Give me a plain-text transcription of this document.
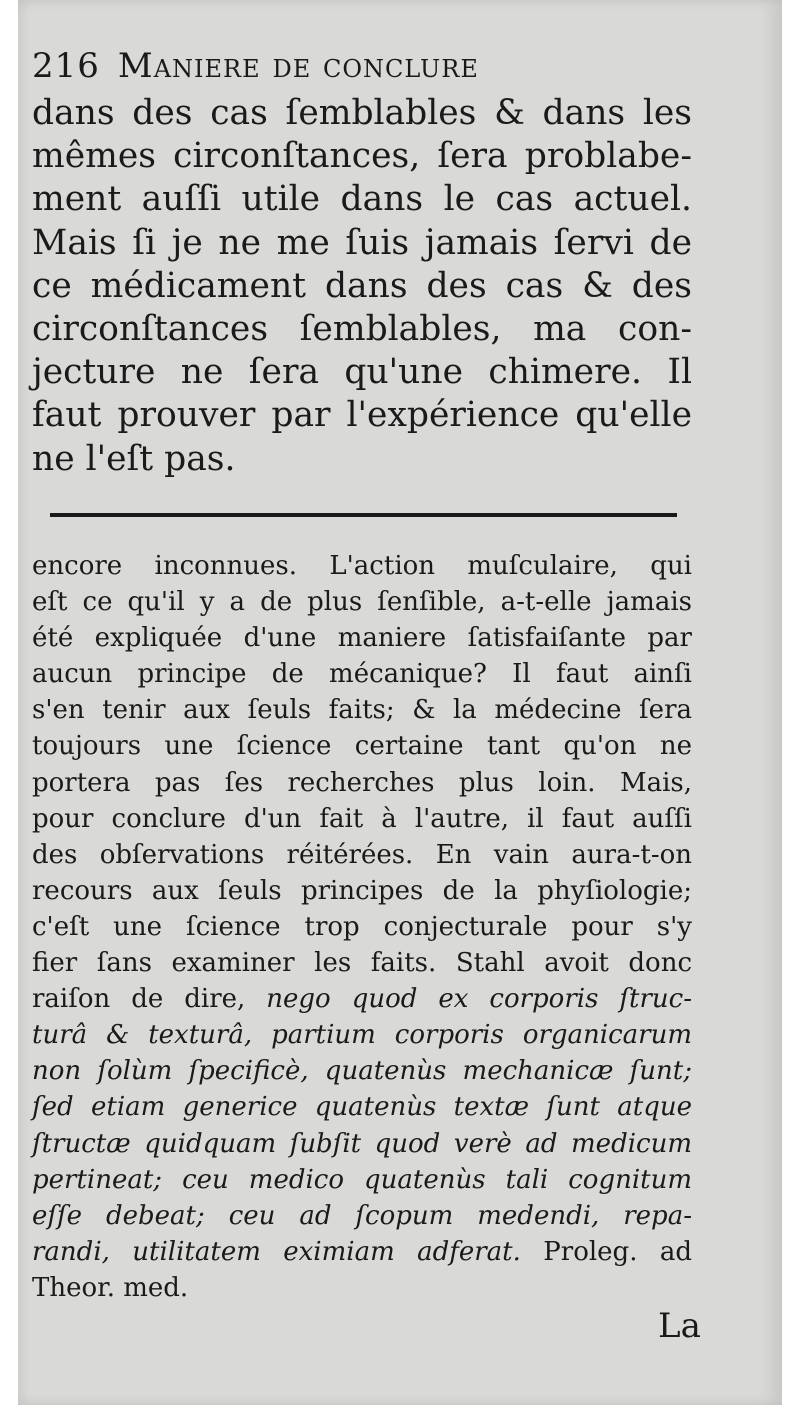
216 Maniere de conclure
dans des cas ſemblables & dans les
mêmes circonſtances, ſera problabe-
ment auſſi utile dans le cas actuel.
Mais ſi je ne me ſuis jamais ſervi de
ce médicament dans des cas & des
circonſtances ſemblables, ma con-
jecture ne ſera qu'une chimere. Il
faut prouver par l'expérience qu'elle
ne l'eſt pas.
encore inconnues. L'action muſculaire, qui
eſt ce qu'il y a de plus ſenſible, a-t-elle jamais
été expliquée d'une maniere ſatisfaiſante par
aucun principe de mécanique? Il faut ainſi
s'en tenir aux ſeuls faits; & la médecine ſera
toujours une ſcience certaine tant qu'on ne
portera pas ſes recherches plus loin. Mais,
pour conclure d'un fait à l'autre, il faut auſſi
des obſervations réitérées. En vain aura-t-on
recours aux ſeuls principes de la phyſiologie;
c'eſt une ſcience trop conjecturale pour s'y
fier ſans examiner les faits. Stahl avoit donc
raiſon de dire, nego quod ex corporis ſtruc-
turâ & texturâ, partium corporis organicarum
non ſolùm ſpecificè, quatenùs mechanicæ ſunt;
ſed etiam generice quatenùs textæ ſunt atque
ſtructæ quidquam ſubſit quod verè ad medicum
pertineat; ceu medico quatenùs tali cognitum
eſſe debeat; ceu ad ſcopum medendi, repa-
randi, utilitatem eximiam adferat. Proleg. ad
Theor. med.
La
